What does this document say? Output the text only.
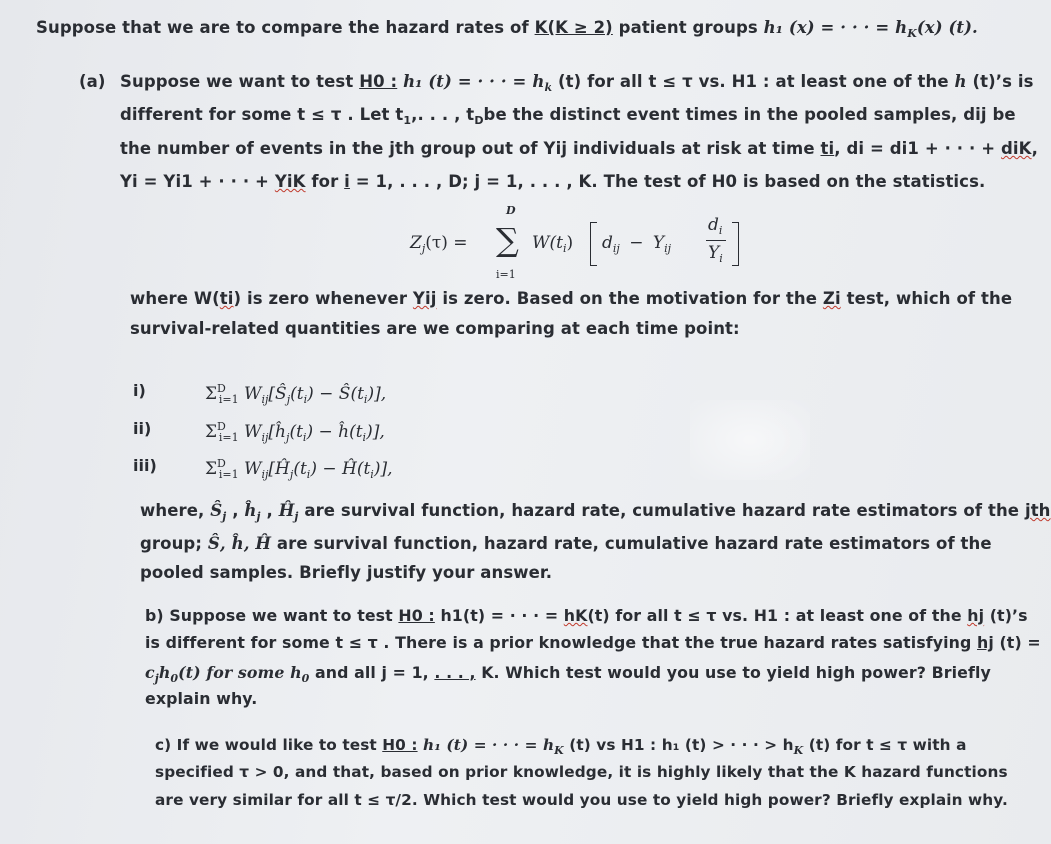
Suppose that we are to compare the hazard rates of K(K ≥ 2) patient groups h₁ (x) = · · · = $h_K(x)$ (t).
(a) Suppose we want to test H0 : h₁ (t) = · · · = $h_k$ (t) for all t ≤ τ vs. H1 : at least one of the h (t)’s is
different for some t ≤ τ . Let $t_1$,. . . , $t_Dbe$ the distinct event times in the pooled samples, dij be
the number of events in the jth group out of Yij individuals at risk at time ti, di = di1 + · · · + diK,
Yi = Yi1 + · · · + YiK for i = 1, . . . , D; j = 1, . . . , K. The test of H0 is based on the statistics.
$Z_j(\tau)$ =
D
∑
i=1
$W(t_i) d_{ij} - Y_{ij}$
$d_i$
$Y_i$
where W(ti) is zero whenever Yij is zero. Based on the motivation for the Zi test, which of the
survival-related quantities are we comparing at each time point:
i)	$\Sigma^D_{i=1}$ $W_{ij}[Ŝ_j(t_i)$ − $Ŝ(t_i)$],
ii)	$\Sigma^D_{i=1}$ $W_{ij}[ĥ_j(t_i)$ − $ĥ(t_i)$],
iii)	$\Sigma^D_{i=1}$ $W_{ij}[Ĥ_j(t_i)$ − $Ĥ(t_i)$],
where, $Ŝ_j$ , $ĥ_j$ , $Ĥ_j$ are survival function, hazard rate, cumulative hazard rate estimators of the jth
group; Ŝ, ĥ, Ĥ are survival function, hazard rate, cumulative hazard rate estimators of the
pooled samples. Briefly justify your answer.
b) Suppose we want to test H0 : h1(t) = · · · = hK(t) for all t ≤ τ vs. H1 : at least one of the hj (t)’s
is different for some t ≤ τ . There is a prior knowledge that the true hazard rates satisfying hj (t) =
$c_jh_0(t)$ for some $h_0$ and all j = 1, . . . , K. Which test would you use to yield high power? Briefly
explain why.
c) If we would like to test H0 : h₁ (t) = · · · = $h_K$ (t) vs H1 : h₁ (t) > · · · > $h_K$ (t) for t ≤ τ with a
specified τ > 0, and that, based on prior knowledge, it is highly likely that the K hazard functions
are very similar for all t ≤ τ/2. Which test would you use to yield high power? Briefly explain why.
